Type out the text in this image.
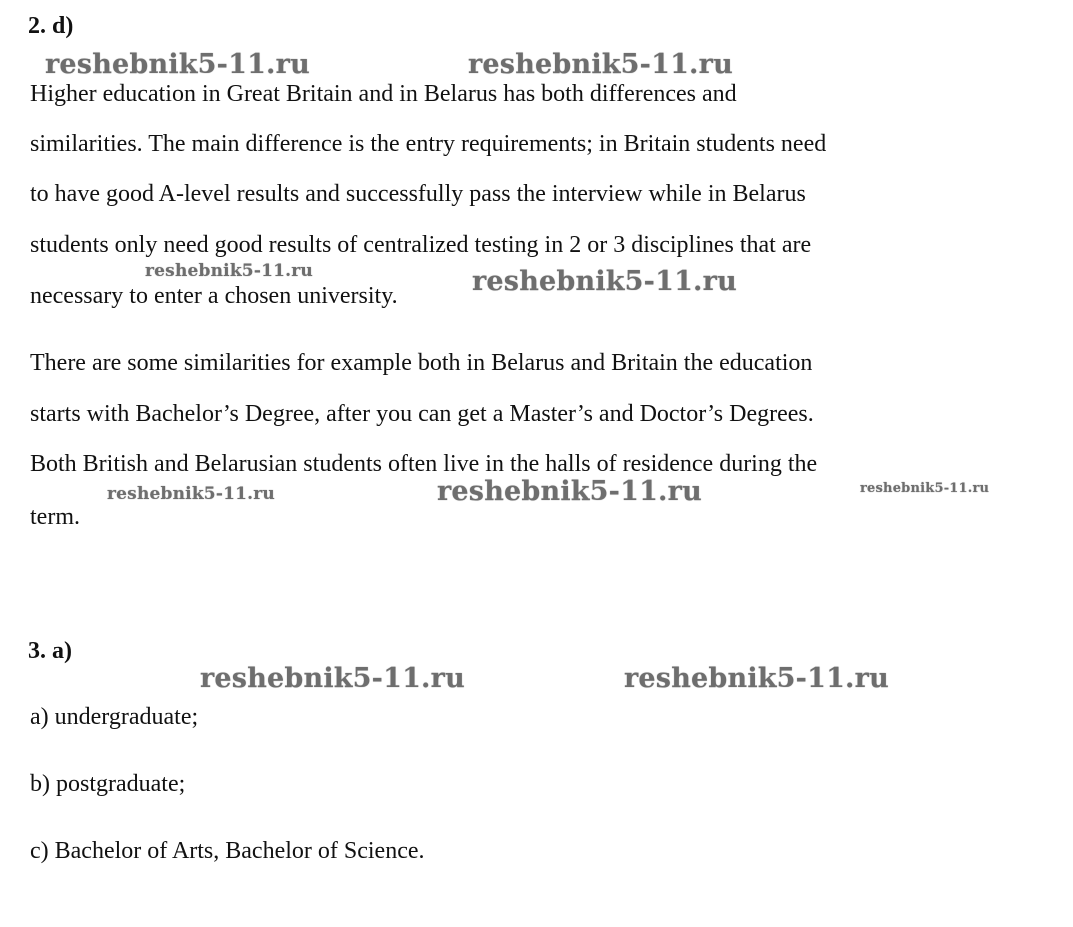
2. d)
reshebnik5-11.ru	reshebnik5-11.ru
Higher education in Great Britain and in Belarus has both differences and
similarities. The main difference is the entry requirements; in Britain students need
to have good A-level results and successfully pass the interview while in Belarus
students only need good results of centralized testing in 2 or 3 disciplines that are
necessary to enter a chosen university.
reshebnik5-11.ru	reshebnik5-11.ru
There are some similarities for example both in Belarus and Britain the education
starts with Bachelor’s Degree, after you can get a Master’s and Doctor’s Degrees.
Both British and Belarusian students often live in the halls of residence during the
term.
reshebnik5-11.ru	reshebnik5-11.ru	reshebnik5-11.ru
3. a)
reshebnik5-11.ru	reshebnik5-11.ru
a) undergraduate;
b) postgraduate;
c) Bachelor of Arts, Bachelor of Science.
